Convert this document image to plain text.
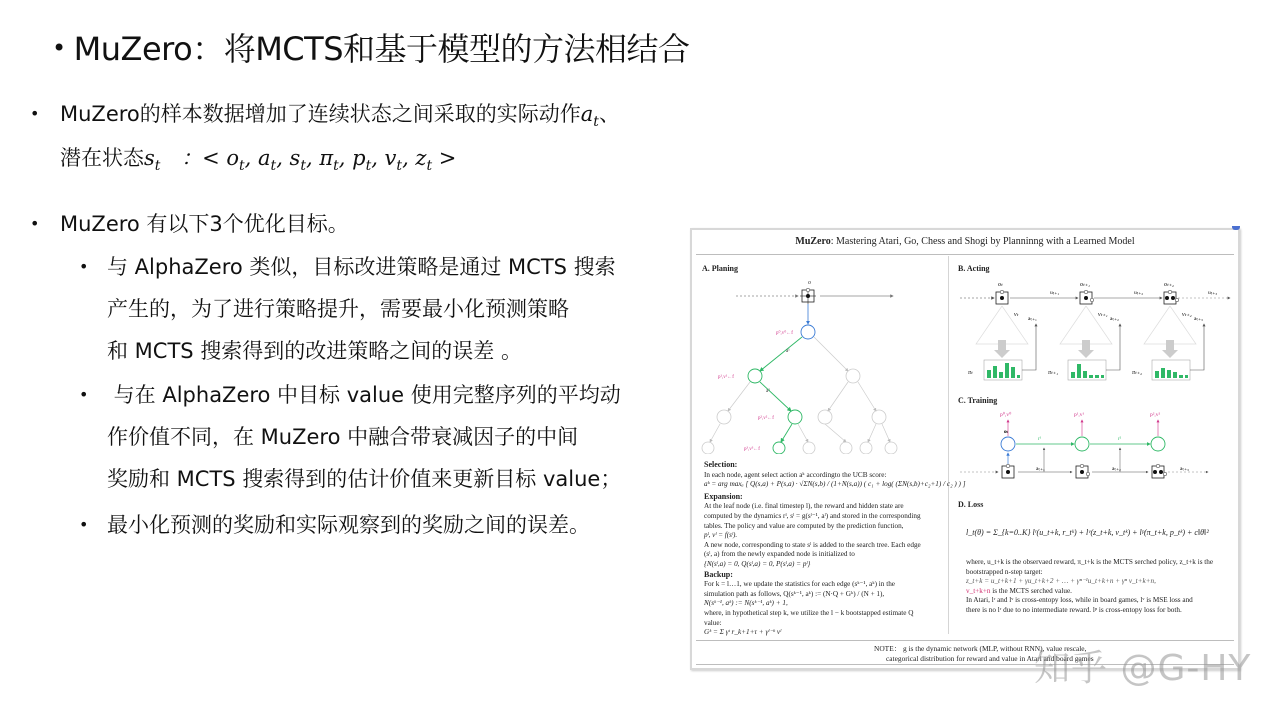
• MuZero：将MCTS和基于模型的方法相结合
• MuZero的样本数据增加了连续状态之间采取的实际动作$a_t$、
潜在状态$s_t$ ：< $o_t$, $a_t$, $s_t$, $\pi_t$, $p_t$, $v_t$, $z_t$ >
• MuZero 有以下3个优化目标。
• 与 AlphaZero 类似，目标改进策略是通过 MCTS 搜索
产生的，为了进行策略提升，需要最小化预测策略
和 MCTS 搜索得到的改进策略之间的误差 。
• 与在 AlphaZero 中目标 value 使用完整序列的平均动
作价值不同，在 MuZero 中融合带衰减因子的中间
奖励和 MCTS 搜索得到的估计价值来更新目标 value；
• 最小化预测的奖励和实际观察到的奖励之间的误差。
MuZero: Mastering Atari, Go, Chess and Shogi by Planninng with a Learned Model
A. Planing
o
p⁰,v⁰←f
a¹
p¹,v¹←f
a²
p²,v²←f
p³,v³←f
Selection:
In each node, agent select action aᵏ accordingto the UCB score:
aᵏ = arg maxₐ [ Q(s,a) + P(s,a) · √ΣN(s,b) / (1+N(s,a)) ( c₁ + log( (ΣN(s,b)+c₂+1) / c₂ ) ) ]
Expansion:
At the leaf node (i.e. final timestep l), the reward and hidden state are
computed by the dynamics rˡ, sˡ = g(sˡ⁻¹, aˡ) and stored in the corresponding
tables. The policy and value are computed by the prediction function,
pˡ, vˡ = f(sˡ).
A new node, corresponding to state sˡ is added to the search tree. Each edge
(sˡ, a) from the newly expanded node is initialized to
{N(sˡ,a) = 0, Q(sˡ,a) = 0, P(sˡ,a) = pˡ}
Backup:
For k = l…1, we update the statistics for each edge (sᵏ⁻¹, aᵏ) in the
simulation path as follows, Q(sᵏ⁻¹, aᵏ) := (N·Q + Gᵏ) / (N + 1),
N(sᵏ⁻¹, aᵏ) := N(sᵏ⁻¹, aᵏ) + 1,
where, in hypothetical step k, we utilize the l − k bootstapped estimate Q
value:
Gᵏ = Σ γᵗ r_k+1+τ + γˡ⁻ᵏ vˡ
B. Acting
oₜ
vₜ
πₜ
aₜ₊₁
uₜ₊₁
oₜ₊₁
vₜ₊₁
πₜ₊₁
aₜ₊₂
uₜ₊₂
oₜ₊₂
vₜ₊₂
πₜ₊₂
aₜ₊₃
uₜ₊₃
C. Training
p⁰,v⁰
oₜ
r¹
p¹,v¹
r²
p²,v²
aₜ₊₁	aₜ₊₂	aₜ₊₃
D. Loss
l_t(θ) = Σ_{k=0..K} lʳ(u_t+k, r_tᵏ) + lᵛ(z_t+k, v_tᵏ) + lᵖ(π_t+k, p_tᵏ) + c‖θ‖²
where, u_t+k is the observaed reward, π_t+k is the MCTS serched policy, z_t+k is the
bootstrapped n-step target:
z_t+k = u_t+k+1 + γu_t+k+2 + … + γⁿ⁻¹u_t+k+n + γⁿ v_t+k+n,
v_t+k+n is the MCTS serched value.
In Atari, lʳ and lᵛ is cross-entopy loss, while in board games, lᵛ is MSE loss and
there is no lʳ due to no intermediate reward. lᵖ is cross-entopy loss for both.
NOTE： g is the dynamic network (MLP, without RNN), value rescale,
categorical distribution for reward and value in Atari and board games
知乎 @G-HY
